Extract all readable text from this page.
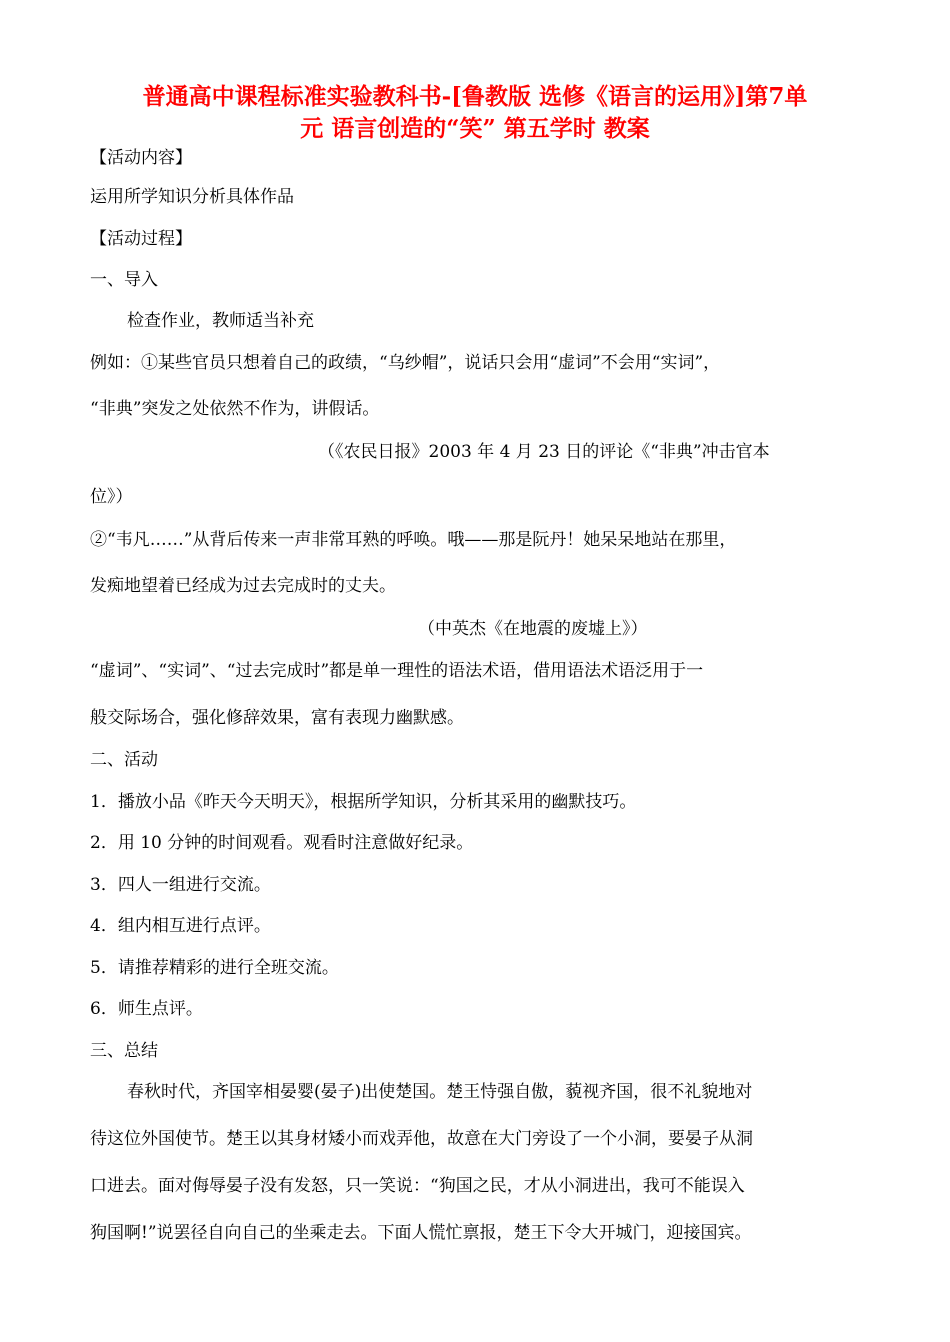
普通高中课程标准实验教科书-[鲁教版 选修《语言的运用》]第7单
元 语言创造的“笑” 第五学时 教案
【活动内容】
运用所学知识分析具体作品
【活动过程】
一、导入
检查作业，教师适当补充
例如：①某些官员只想着自己的政绩，“乌纱帽”，说话只会用“虚词”不会用“实词”，
“非典”突发之处依然不作为，讲假话。
（《农民日报》2003 年 4 月 23 日的评论《“非典”冲击官本
位》）
②“韦凡……”从背后传来一声非常耳熟的呼唤。哦——那是阮丹！她呆呆地站在那里，
发痴地望着已经成为过去完成时的丈夫。
（中英杰《在地震的废墟上》）
“虚词”、“实词”、“过去完成时”都是单一理性的语法术语，借用语法术语泛用于一
般交际场合，强化修辞效果，富有表现力幽默感。
二、活动
1．播放小品《昨天今天明天》，根据所学知识，分析其采用的幽默技巧。
2．用 10 分钟的时间观看。观看时注意做好纪录。
3．四人一组进行交流。
4．组内相互进行点评。
5．请推荐精彩的进行全班交流。
6．师生点评。
三、总结
春秋时代，齐国宰相晏婴(晏子)出使楚国。楚王恃强自傲，藐视齐国，很不礼貌地对
待这位外国使节。楚王以其身材矮小而戏弄他，故意在大门旁设了一个小洞，要晏子从洞
口进去。面对侮辱晏子没有发怒，只一笑说：“狗国之民，才从小洞进出，我可不能误入
狗国啊!”说罢径自向自己的坐乘走去。下面人慌忙禀报，楚王下令大开城门，迎接国宾。
